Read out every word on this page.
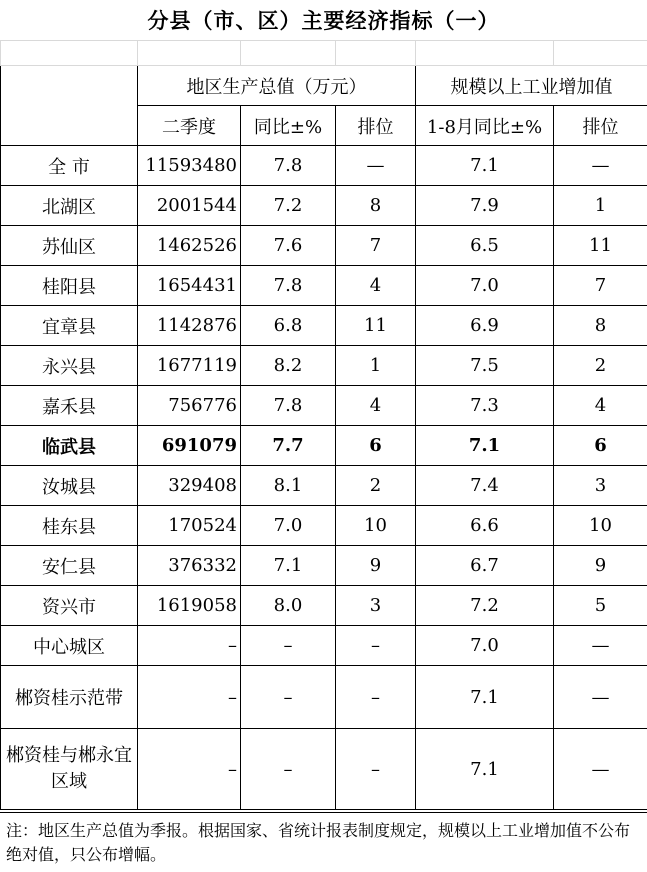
分县（市、区）主要经济指标（一）

	地区生产总值（万元）			规模以上工业增加值	
	二季度	同比±%	排位	1-8月同比±%	排位
全 市	11593480	7.8	—	7.1	—
北湖区	2001544	7.2	8	7.9	1
苏仙区	1462526	7.6	7	6.5	11
桂阳县	1654431	7.8	4	7.0	7
宜章县	1142876	6.8	11	6.9	8
永兴县	1677119	8.2	1	7.5	2
嘉禾县	756776	7.8	4	7.3	4
临武县	691079	7.7	6	7.1	6
汝城县	329408	8.1	2	7.4	3
桂东县	170524	7.0	10	6.6	10
安仁县	376332	7.1	9	6.7	9
资兴市	1619058	8.0	3	7.2	5
中心城区	–	–	–	7.0	—
郴资桂示范带	–	–	–	7.1	—
郴资桂与郴永宜区域	–	–	–	7.1	—
注：地区生产总值为季报。根据国家、省统计报表制度规定，规模以上工业增加值不公布绝对值，只公布增幅。
